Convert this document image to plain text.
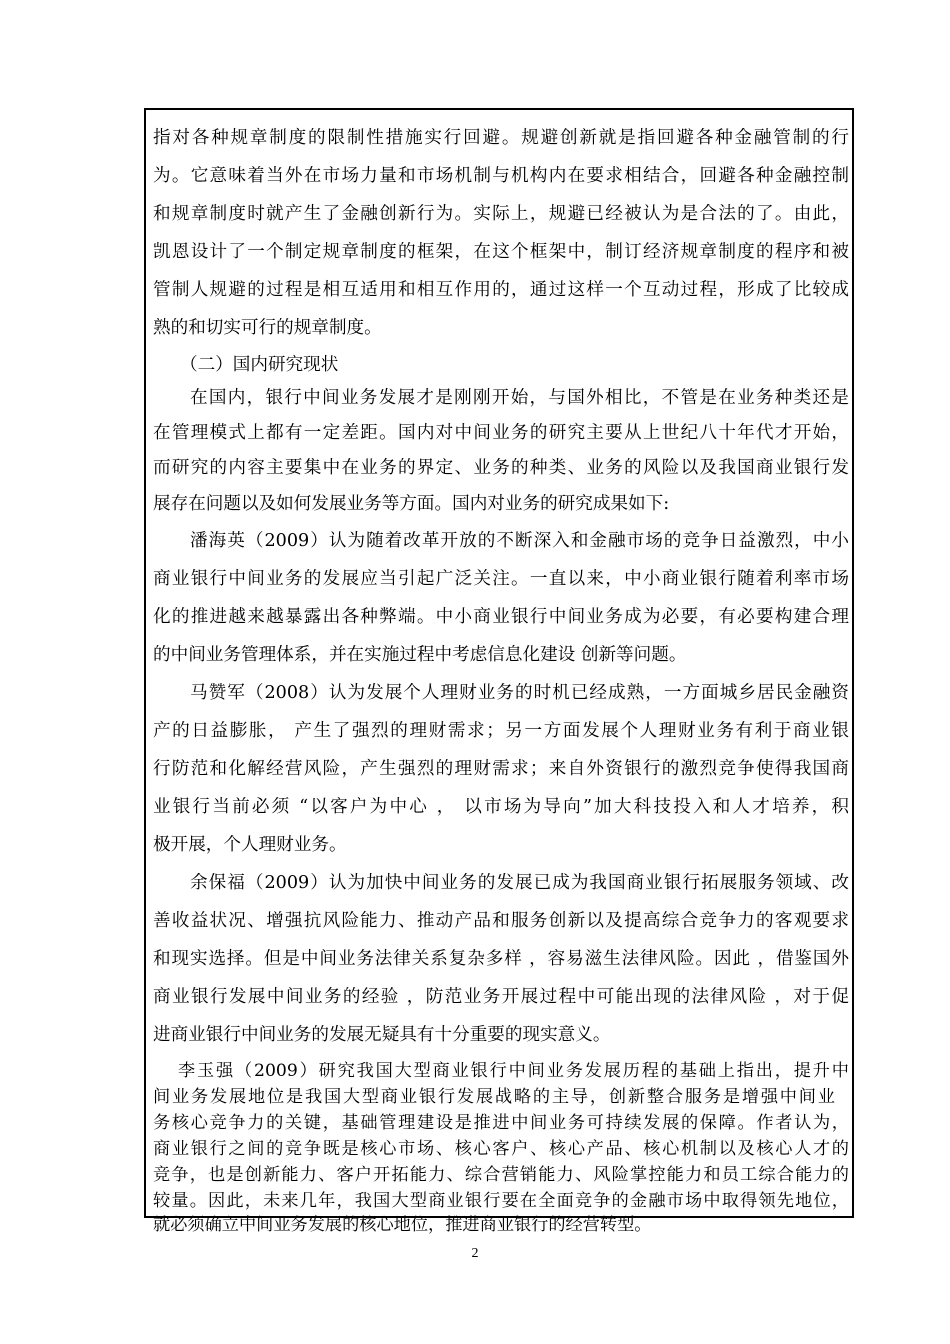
指对各种规章制度的限制性措施实行回避。规避创新就是指回避各种金融管制的行
为。它意味着当外在市场力量和市场机制与机构内在要求相结合，回避各种金融控制
和规章制度时就产生了金融创新行为。实际上，规避已经被认为是合法的了。由此，
凯恩设计了一个制定规章制度的框架，在这个框架中，制订经济规章制度的程序和被
管制人规避的过程是相互适用和相互作用的，通过这样一个互动过程，形成了比较成
熟的和切实可行的规章制度。
（二）国内研究现状
在国内，银行中间业务发展才是刚刚开始，与国外相比，不管是在业务种类还是
在管理模式上都有一定差距。国内对中间业务的研究主要从上世纪八十年代才开始，
而研究的内容主要集中在业务的界定、业务的种类、业务的风险以及我国商业银行发
展存在问题以及如何发展业务等方面。国内对业务的研究成果如下:
潘海英（2009）认为随着改革开放的不断深入和金融市场的竞争日益激烈，中小
商业银行中间业务的发展应当引起广泛关注。一直以来，中小商业银行随着利率市场
化的推进越来越暴露出各种弊端。中小商业银行中间业务成为必要，有必要构建合理
的中间业务管理体系，并在实施过程中考虑信息化建设 创新等问题。
马赞军（2008）认为发展个人理财业务的时机已经成熟，一方面城乡居民金融资
产的日益膨胀， 产生了强烈的理财需求；另一方面发展个人理财业务有利于商业银
行防范和化解经营风险，产生强烈的理财需求；来自外资银行的激烈竞争使得我国商
业银行当前必须 “以客户为中心 ， 以市场为导向”加大科技投入和人才培养，积
极开展，个人理财业务。
余保福（2009）认为加快中间业务的发展已成为我国商业银行拓展服务领域、改
善收益状况、增强抗风险能力、推动产品和服务创新以及提高综合竞争力的客观要求
和现实选择。但是中间业务法律关系复杂多样 ，容易滋生法律风险。因此 ，借鉴国外
商业银行发展中间业务的经验 ，防范业务开展过程中可能出现的法律风险 ，对于促
进商业银行中间业务的发展无疑具有十分重要的现实意义。
李玉强（2009）研究我国大型商业银行中间业务发展历程的基础上指出，提升中
间业务发展地位是我国大型商业银行发展战略的主导，创新整合服务是增强中间业
务核心竞争力的关键，基础管理建设是推进中间业务可持续发展的保障。作者认为，
商业银行之间的竞争既是核心市场、核心客户、核心产品、核心机制以及核心人才的
竞争，也是创新能力、客户开拓能力、综合营销能力、风险掌控能力和员工综合能力的
较量。因此，未来几年，我国大型商业银行要在全面竞争的金融市场中取得领先地位，
就必须确立中间业务发展的核心地位，推进商业银行的经营转型。
2
